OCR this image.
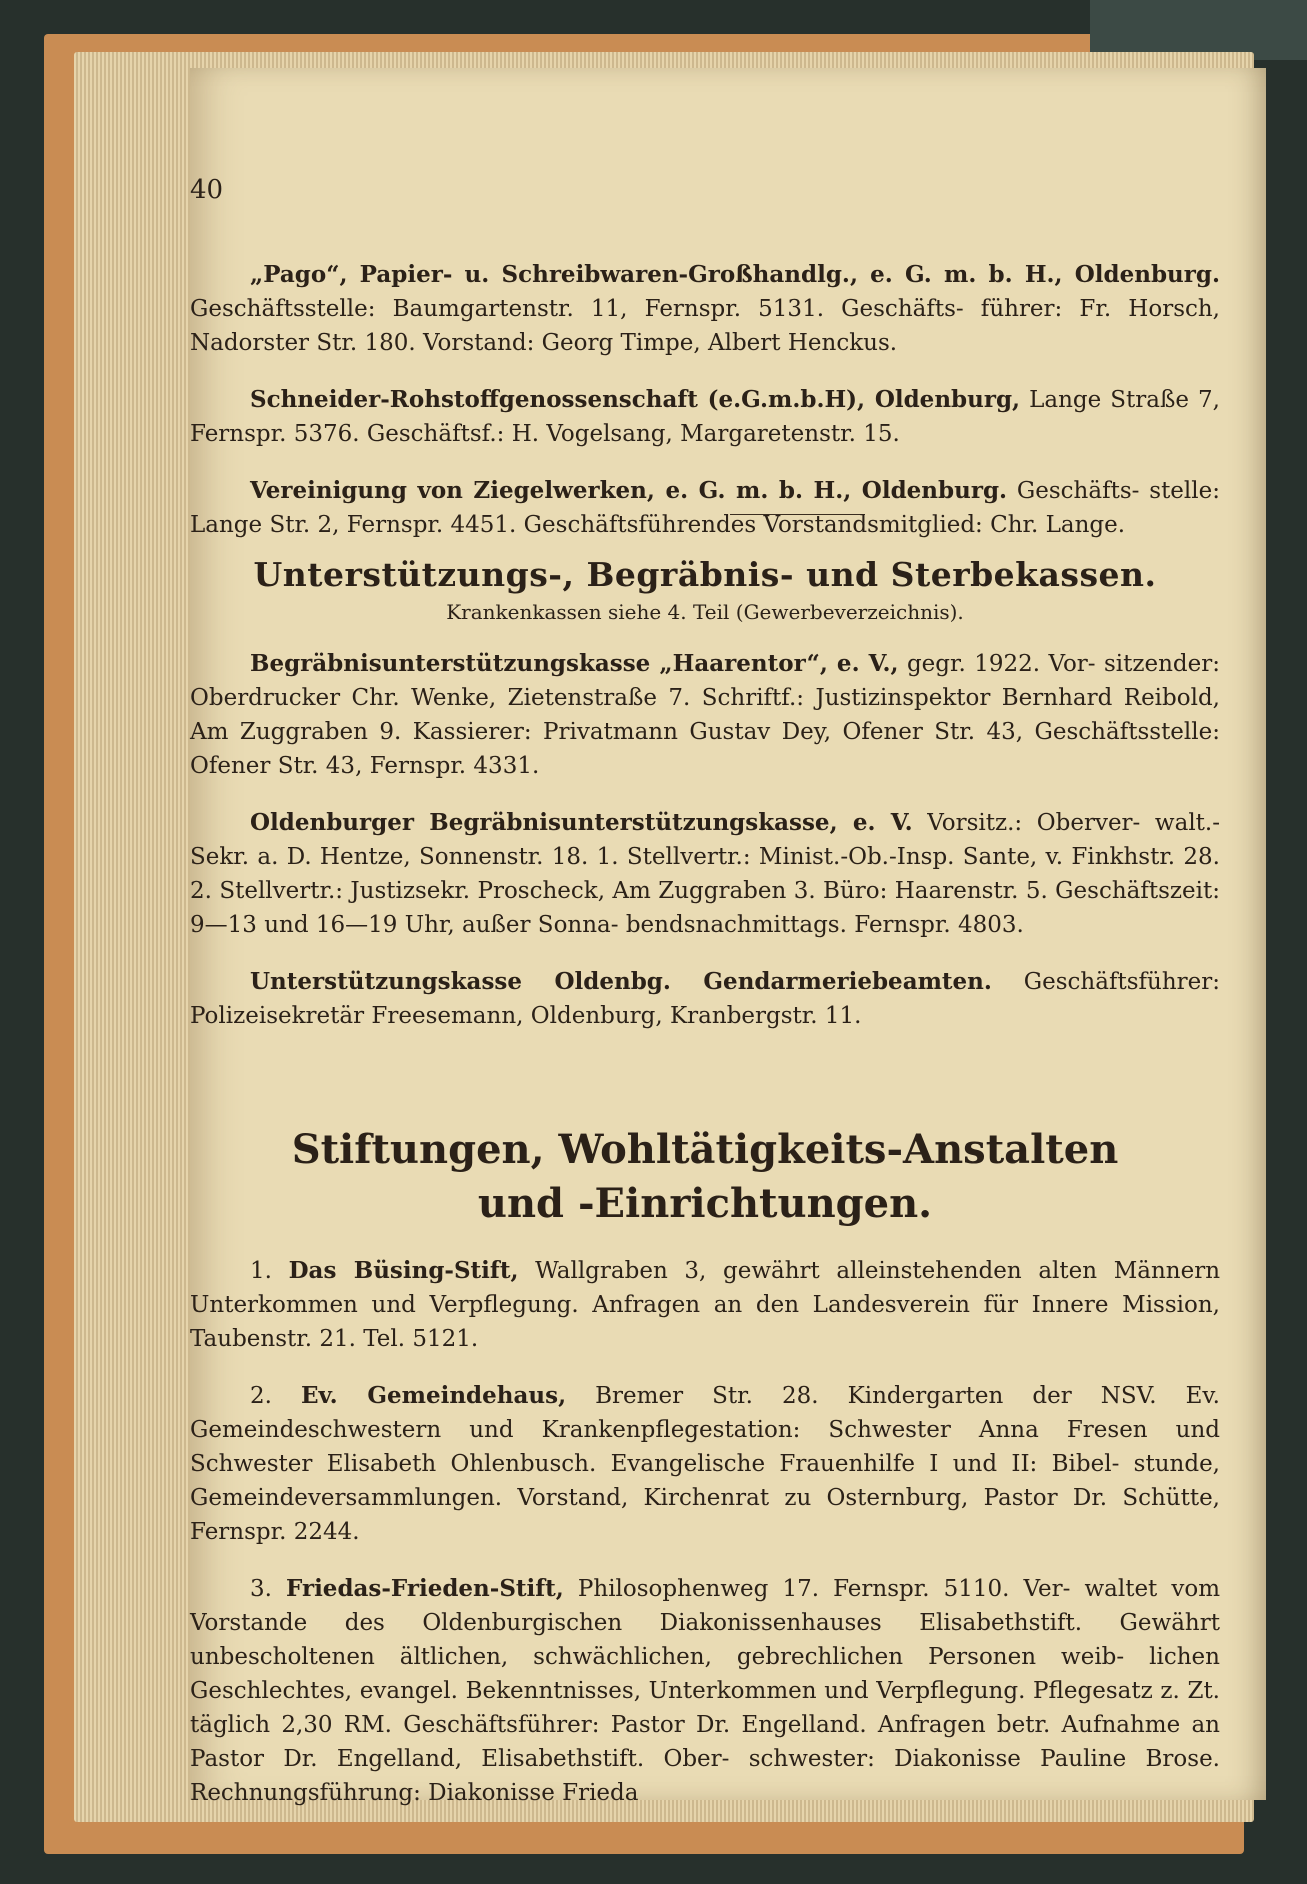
40

„Pago“, Papier- u. Schreibwaren-Großhandlg., e. G. m. b. H., Oldenburg. Geschäftsstelle: Baumgartenstr. 11, Fernspr. 5131. Geschäfts- führer: Fr. Horsch, Nadorster Str. 180. Vorstand: Georg Timpe, Albert Henckus.

Schneider-Rohstoffgenossenschaft (e.G.m.b.H), Oldenburg, Lange Straße 7, Fernspr. 5376. Geschäftsf.: H. Vogelsang, Margaretenstr. 15.

Vereinigung von Ziegelwerken, e. G. m. b. H., Oldenburg. Geschäfts- stelle: Lange Str. 2, Fernspr. 4451. Geschäftsführendes Vorstandsmitglied: Chr. Lange.

Unterstützungs-, Begräbnis- und Sterbekassen.
Krankenkassen siehe 4. Teil (Gewerbeverzeichnis).

Begräbnisunterstützungskasse „Haarentor“, e. V., gegr. 1922. Vor- sitzender: Oberdrucker Chr. Wenke, Zietenstraße 7. Schriftf.: Justizinspektor Bernhard Reibold, Am Zuggraben 9. Kassierer: Privatmann Gustav Dey, Ofener Str. 43, Geschäftsstelle: Ofener Str. 43, Fernspr. 4331.

Oldenburger Begräbnisunterstützungskasse, e. V. Vorsitz.: Oberver- walt.-Sekr. a. D. Hentze, Sonnenstr. 18. 1. Stellvertr.: Minist.-Ob.-Insp. Sante, v. Finkhstr. 28. 2. Stellvertr.: Justizsekr. Proscheck, Am Zuggraben 3. Büro: Haarenstr. 5. Geschäftszeit: 9—13 und 16—19 Uhr, außer Sonna- bendsnachmittags. Fernspr. 4803.

Unterstützungskasse Oldenbg. Gendarmeriebeamten. Geschäftsführer: Polizeisekretär Freesemann, Oldenburg, Kranbergstr. 11.

Stiftungen, Wohltätigkeits-Anstalten
und -Einrichtungen.

1. Das Büsing-Stift, Wallgraben 3, gewährt alleinstehenden alten Männern Unterkommen und Verpflegung. Anfragen an den Landesverein für Innere Mission, Taubenstr. 21. Tel. 5121.

2. Ev. Gemeindehaus, Bremer Str. 28. Kindergarten der NSV. Ev. Gemeindeschwestern und Krankenpflegestation: Schwester Anna Fresen und Schwester Elisabeth Ohlenbusch. Evangelische Frauenhilfe I und II: Bibel- stunde, Gemeindeversammlungen. Vorstand, Kirchenrat zu Osternburg, Pastor Dr. Schütte, Fernspr. 2244.

3. Friedas-Frieden-Stift, Philosophenweg 17. Fernspr. 5110. Ver- waltet vom Vorstande des Oldenburgischen Diakonissenhauses Elisabethstift. Gewährt unbescholtenen ältlichen, schwächlichen, gebrechlichen Personen weib- lichen Geschlechtes, evangel. Bekenntnisses, Unterkommen und Verpflegung. Pflegesatz z. Zt. täglich 2,30 RM. Geschäftsführer: Pastor Dr. Engelland. Anfragen betr. Aufnahme an Pastor Dr. Engelland, Elisabethstift. Ober- schwester: Diakonisse Pauline Brose. Rechnungsführung: Diakonisse Frieda
